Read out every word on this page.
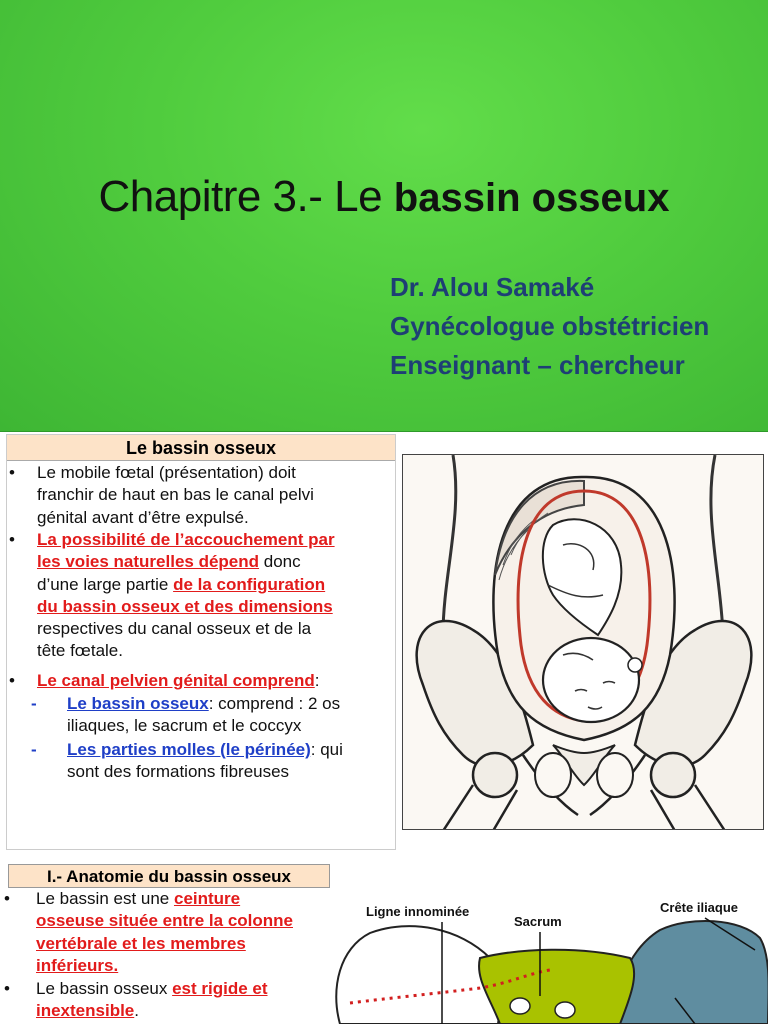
Chapitre 3.- Le bassin osseux
Dr. Alou Samaké
Gynécologue obstétricien
Enseignant – chercheur
Le bassin osseux
• Le mobile fœtal (présentation) doit
franchir de haut en bas le canal pelvi
génital avant d’être expulsé.
• La possibilité de l’accouchement par
les voies naturelles dépend donc
d’une large partie de la configuration
du bassin osseux et des dimensions
respectives du canal osseux et de la
tête fœtale.
• Le canal pelvien génital comprend:
- Le bassin osseux: comprend : 2 os
iliaques, le sacrum et le coccyx
- Les parties molles (le périnée): qui
sont des formations fibreuses
I.- Anatomie du bassin osseux
• Le bassin est une ceinture
osseuse située entre la colonne
vertébrale et les membres
inférieurs.
• Le bassin osseux est rigide et
inextensible.
Ligne innominée
Sacrum
Crête iliaque
